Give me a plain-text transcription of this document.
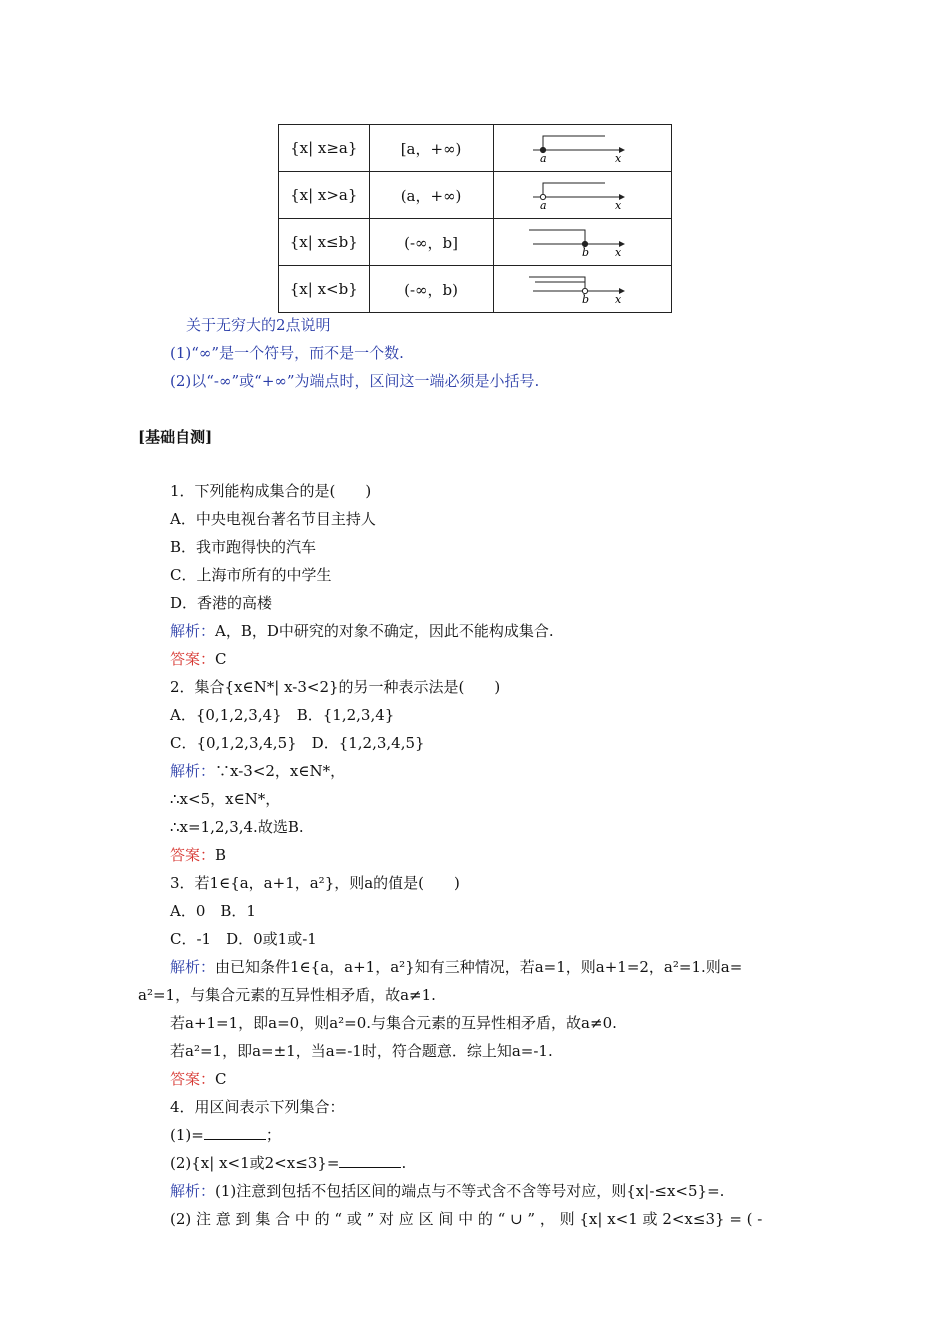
{x| x≥a}	[a，+∞)	a x

{x| x>a}	(a，+∞)	a x

{x| x≤b}	(-∞，b]	b x

{x| x<b}	(-∞，b)	b x
关于无穷大的2点说明
(1)“∞”是一个符号，而不是一个数.
(2)以“-∞”或“+∞”为端点时，区间这一端必须是小括号.
[基础自测]
1．下列能构成集合的是(　　)
A．中央电视台著名节目主持人
B．我市跑得快的汽车
C．上海市所有的中学生
D．香港的高楼
解析：A，B，D中研究的对象不确定，因此不能构成集合.
答案：C
2．集合{x∈N*| x-3<2}的另一种表示法是(　　)
A．{0,1,2,3,4}　B．{1,2,3,4}
C．{0,1,2,3,4,5}　D．{1,2,3,4,5}
解析：∵x-3<2，x∈N*，
∴x<5，x∈N*，
∴x=1,2,3,4.故选B.
答案：B
3．若1∈{a，a+1，a²}，则a的值是(　　)
A．0　B．1
C．-1　D．0或1或-1
解析：由已知条件1∈{a，a+1，a²}知有三种情况，若a=1，则a+1=2，a²=1.则a=
a²=1，与集合元素的互异性相矛盾，故a≠1.
若a+1=1，即a=0，则a²=0.与集合元素的互异性相矛盾，故a≠0.
若a²=1，即a=±1，当a=-1时，符合题意．综上知a=-1.
答案：C
4．用区间表示下列集合：
(1)=	；
(2){x| x<1或2<x≤3}=	.
解析：(1)注意到包括不包括区间的端点与不等式含不含等号对应，则{x|-≤x<5}=.
(2) 注 意 到 集 合 中 的 “ 或 ” 对 应 区 间 中 的 “ ∪ ” ， 则 {x| x<1 或 2<x≤3} = ( -
